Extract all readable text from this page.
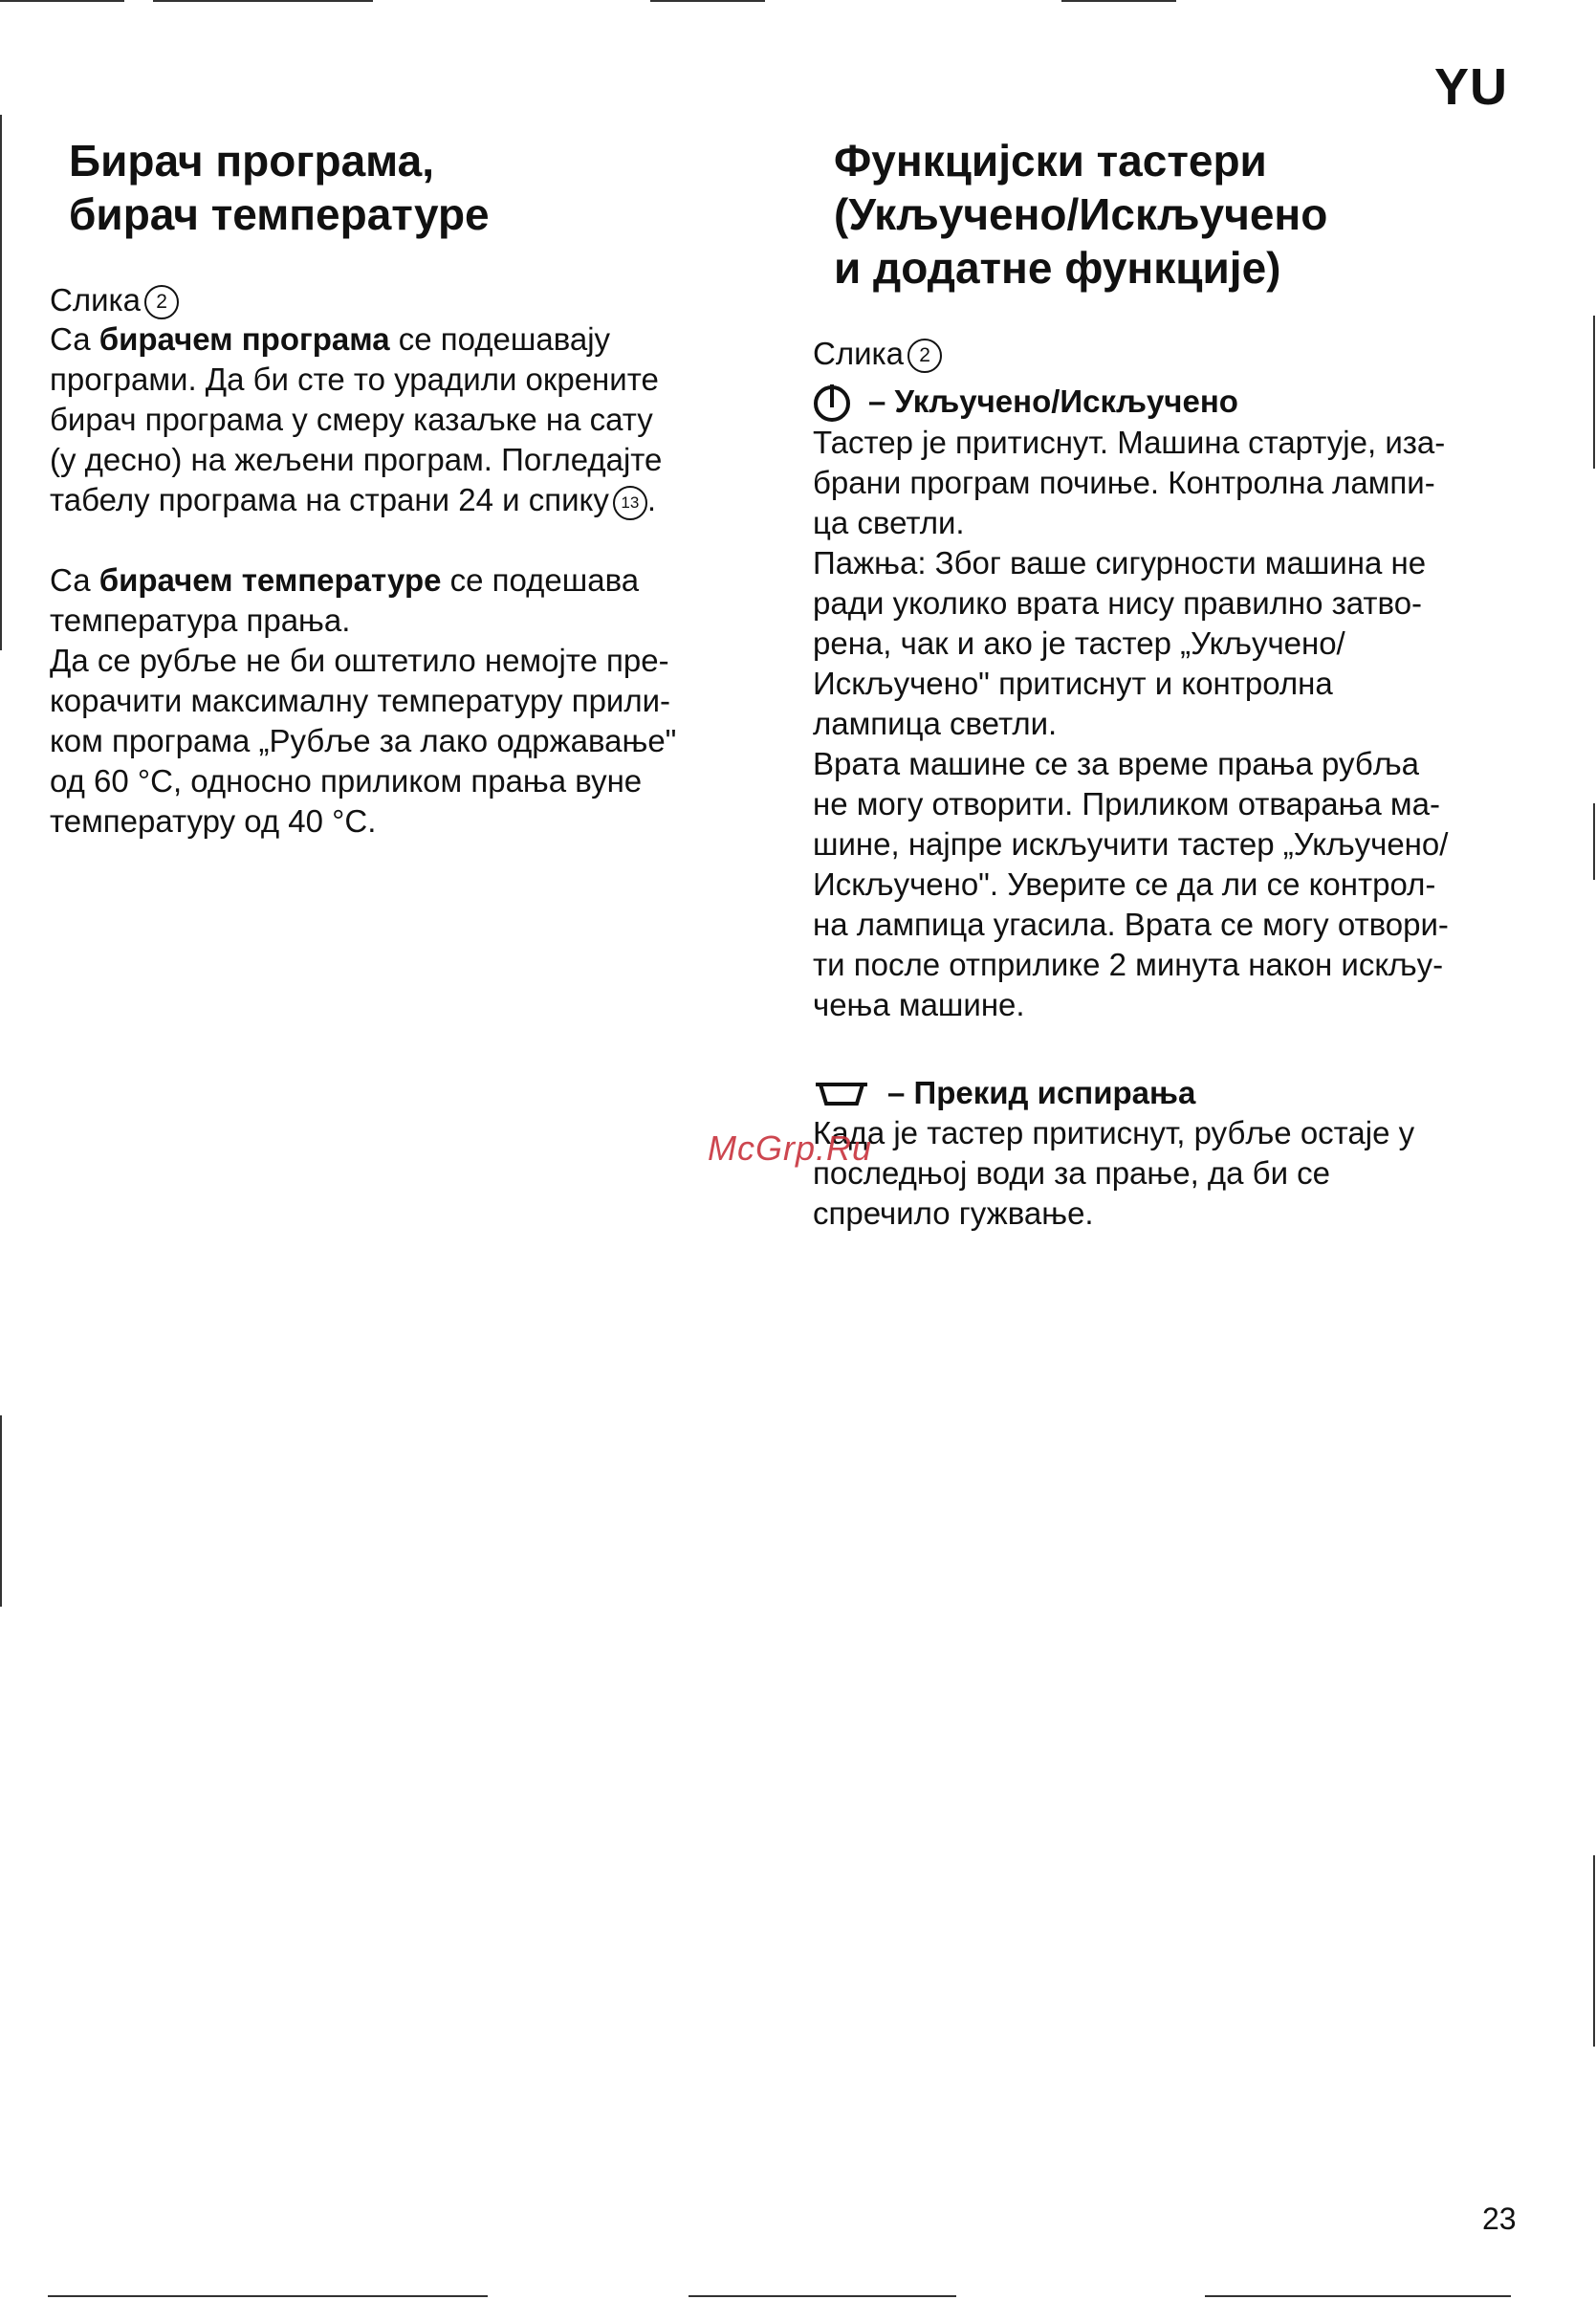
YU
Бирач програма,
бирач температуре
Слика 2

Са бирачем програма се подешавају
програми. Да би сте то урадили окрените
бирач програма у смеру казаљке на сату
(у десно) на жељени програм. Погледајте
табелу програма на страни 24 и спику 13 .

Са бирачем температуре се подешава
температура прања.

Да се рубље не би оштетило немојте пре-
корачити максималну температуру прили-
ком програма „Рубље за лако одржавање"
од 60 °C, односно приликом прања вуне
температуру од 40 °C.

Функцијски тастери
(Укључено/Искључено
и додатне функције)
Слика 2
– Укључено/Искључено

Тастер је притиснут. Машина стартује, иза-
брани програм почиње. Контролна лампи-
ца светли.
Пажња: Због ваше сигурности машина не
ради уколико врата нису правилно затво-
рена, чак и ако је тастер „Укључено/
Искључено" притиснут и контролна
лампица светли.
Врата машине се за време прања рубља
не могу отворити. Приликом отварања ма-
шине, најпре искључити тастер „Укључено/
Искључено". Уверите се да ли се контрол-
на лампица угасила. Врата се могу отвори-
ти после отприлике 2 минута након искљу-
чења машине.

– Прекид испирања

Када је тастер притиснут, рубље остаје у
последњој води за прање, да би се
спречило гужвање.

McGrp.Ru
23
